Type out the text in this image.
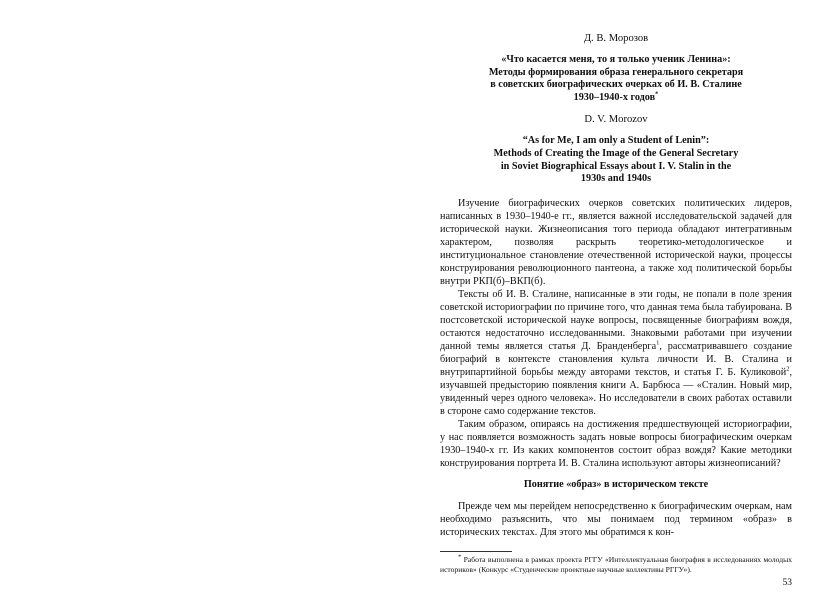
Д. В. Морозов
«Что касается меня, то я только ученик Ленина»:
Методы формирования образа генерального секретаря
в советских биографических очерках об И. В. Сталине
1930–1940-х годов*
D. V. Morozov
“As for Me, I am only a Student of Lenin”:
Methods of Creating the Image of the General Secretary
in Soviet Biographical Essays about I. V. Stalin in the
1930s and 1940s

Изучение биографических очерков советских политических лидеров, написанных в 1930–1940-е гг., является важной исследовательской задачей для исторической науки. Жизнеописания того периода обладают интегративным характером, позволяя раскрыть теоретико-методологическое и институциональное становление отечественной исторической науки, процессы конструирования революционного пантеона, а также ход политической борьбы внутри РКП(б)–ВКП(б).

Тексты об И. В. Сталине, написанные в эти годы, не попали в поле зрения советской историографии по причине того, что данная тема была табуирована. В постсоветской исторической науке вопросы, посвященные биографиям вождя, остаются недостаточно исследованными. Знаковыми работами при изучении данной темы является статья Д. Бранденберга$^1$, рассматривавшего создание биографий в контексте становления культа личности И. В. Сталина и внутрипартийной борьбы между авторами текстов, и статья Г. Б. Куликовой$^2$, изучавшей предысторию появления книги А. Барбюса — «Сталин. Новый мир, увиденный через одного человека». Но исследователи в своих работах оставили в стороне само содержание текстов.

Таким образом, опираясь на достижения предшествующей историографии, у нас появляется возможность задать новые вопросы биографическим очеркам 1930–1940-х гг. Из каких компонентов состоит образ вождя? Какие методики конструирования портрета И. В. Сталина используют авторы жизнеописаний?

Понятие «образ» в историческом тексте

Прежде чем мы перейдем непосредственно к биографическим очеркам, нам необходимо разъяснить, что мы понимаем под термином «образ» в исторических текстах. Для этого мы обратимся к кон-

* Работа выполнена в рамках проекта РГГУ «Интеллектуальная биография в исследованиях молодых историков» (Конкурс «Студенческие проектные научные коллективы РГГУ»).
53
